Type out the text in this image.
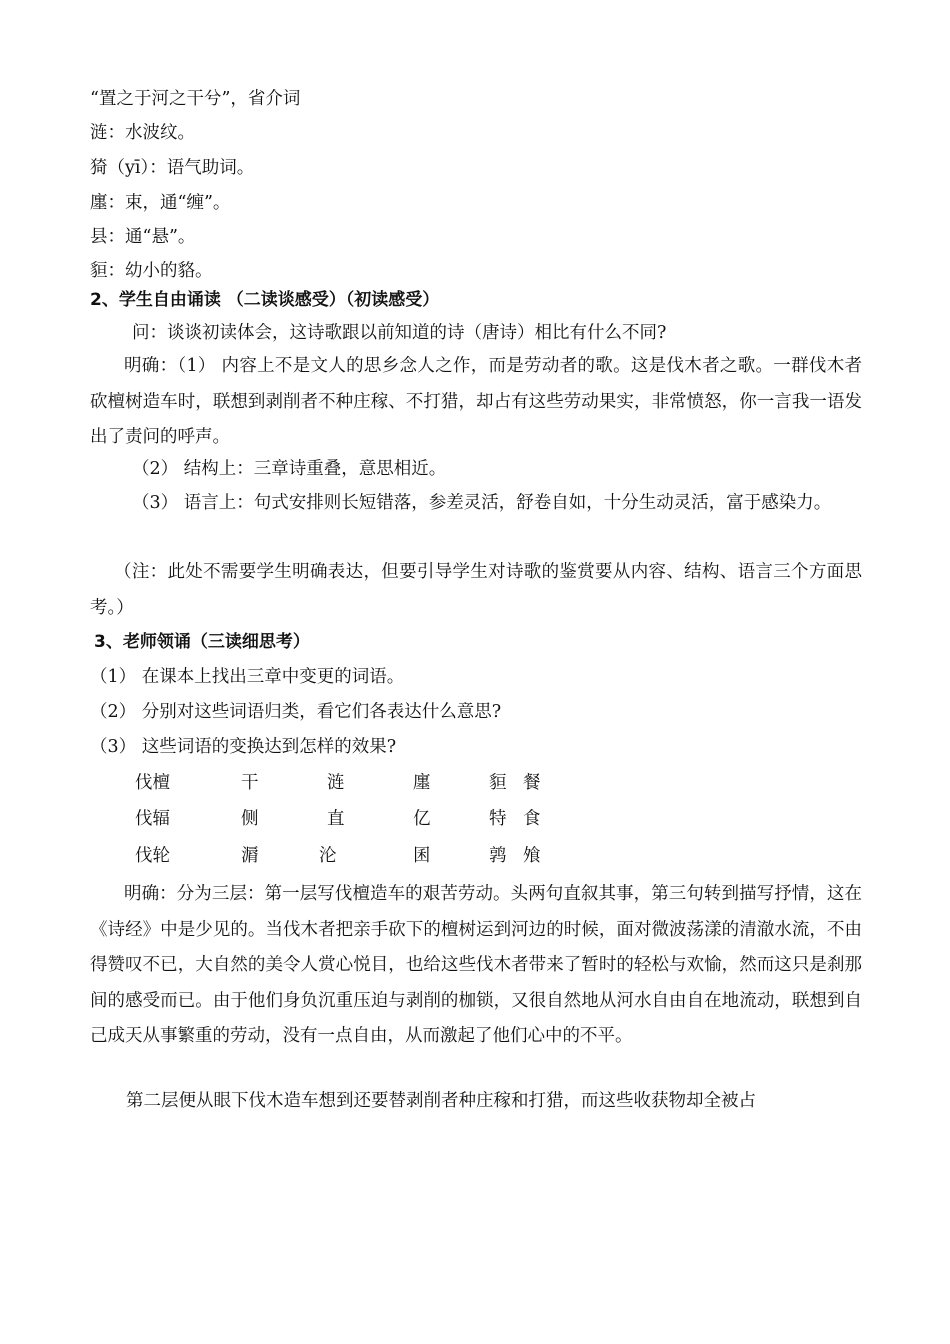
“置之于河之干兮”，省介词
涟：水波纹。
猗（yī）：语气助词。
廛：束，通“缠”。
县：通“悬”。
貆：幼小的貉。
2、学生自由诵读 （二读谈感受）（初读感受）
问：谈谈初读体会，这诗歌跟以前知道的诗（唐诗）相比有什么不同?
明确：（1） 内容上不是文人的思乡念人之作，而是劳动者的歌。这是伐木者之歌。一群伐木者砍檀树造车时，联想到剥削者不种庄稼、不打猎，却占有这些劳动果实，非常愤怒，你一言我一语发出了责问的呼声。
（2） 结构上：三章诗重叠，意思相近。
（3） 语言上：句式安排则长短错落，参差灵活，舒卷自如，十分生动灵活，富于感染力。
（注：此处不需要学生明确表达，但要引导学生对诗歌的鉴赏要从内容、结构、语言三个方面思考。）
3、老师领诵（三读细思考）
（1） 在课本上找出三章中变更的词语。
（2） 分别对这些词语归类，看它们各表达什么意思?
（3） 这些词语的变换达到怎样的效果?
伐檀	干	涟	廛	貆 餐
伐辐	侧	直	亿	特 食
伐轮	漘	沦	囷	鹑 飧
明确：分为三层：第一层写伐檀造车的艰苦劳动。头两句直叙其事，第三句转到描写抒情，这在《诗经》中是少见的。当伐木者把亲手砍下的檀树运到河边的时候，面对微波荡漾的清澈水流，不由得赞叹不已，大自然的美令人赏心悦目，也给这些伐木者带来了暂时的轻松与欢愉，然而这只是刹那间的感受而已。由于他们身负沉重压迫与剥削的枷锁，又很自然地从河水自由自在地流动，联想到自己成天从事繁重的劳动，没有一点自由，从而激起了他们心中的不平。
第二层便从眼下伐木造车想到还要替剥削者种庄稼和打猎，而这些收获物却全被占
